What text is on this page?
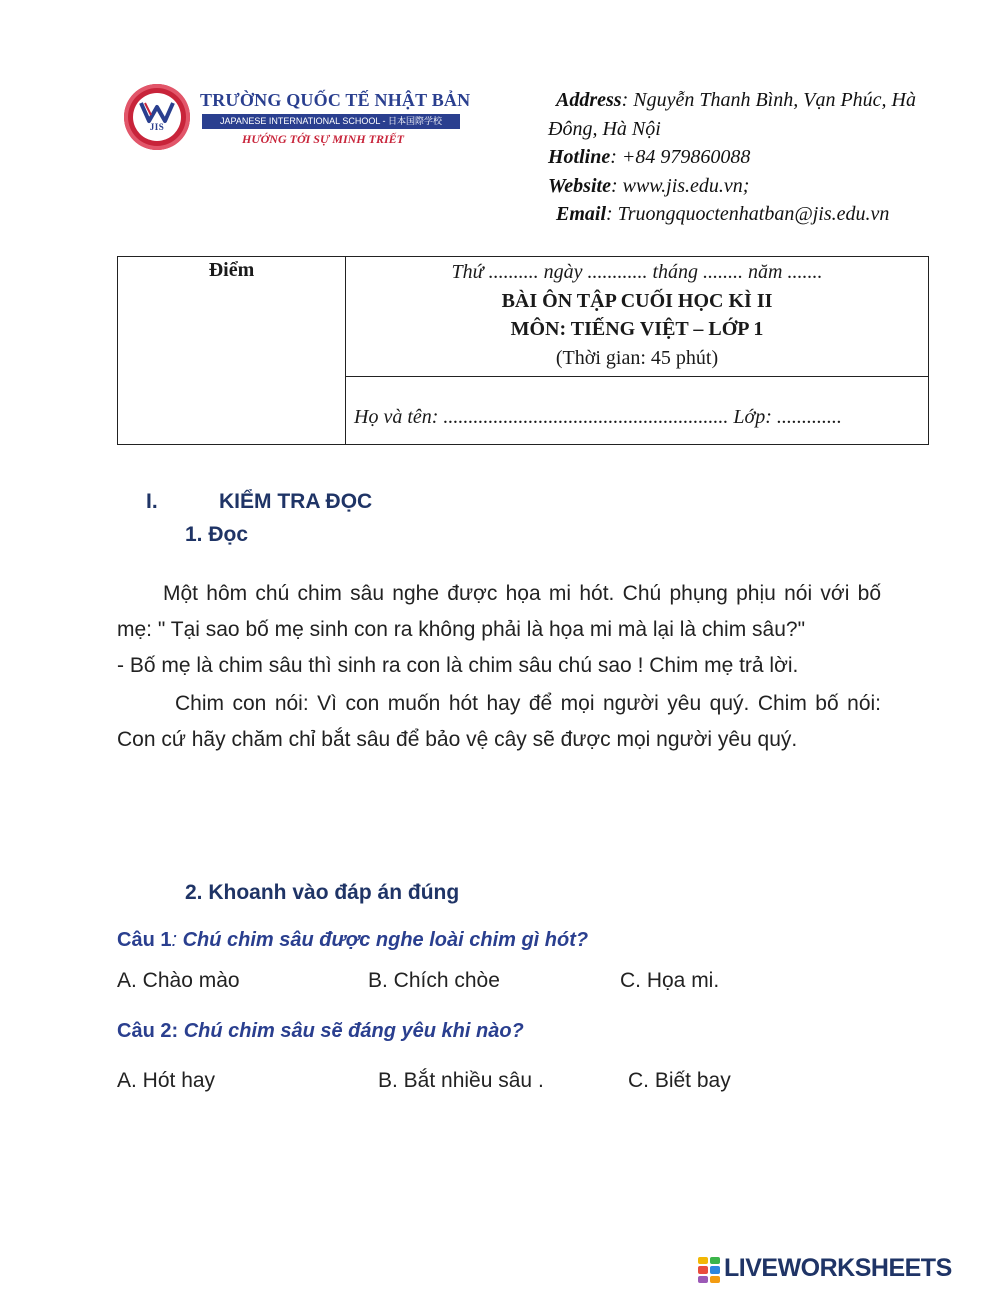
JIS
TRƯỜNG QUỐC TẾ NHẬT BẢN
JAPANESE INTERNATIONAL SCHOOL - 日本国際学校
HƯỚNG TỚI SỰ MINH TRIẾT
Address: Nguyễn Thanh Bình, Vạn Phúc, Hà
Đông, Hà Nội
Hotline: +84 979860088
Website: www.jis.edu.vn;
Email: Truongquoctenhatban@jis.edu.vn
Điểm	Thứ .......... ngày ............ tháng ........ năm .......
BÀI ÔN TẬP CUỐI HỌC KÌ II
MÔN: TIẾNG VIỆT – LỚP 1
(Thời gian: 45 phút)
Họ và tên: ......................................................... Lớp: .............
I.	KIỂM TRA ĐỌC
1. Đọc

Một hôm chú chim sâu nghe được họa mi hót. Chú phụng phịu nói với bố mẹ: " Tại sao bố mẹ sinh con ra không phải là họa mi mà lại là chim sâu?"

- Bố mẹ là chim sâu thì sinh ra con là chim sâu chú sao ! Chim mẹ trả lời.

Chim con nói: Vì con muốn hót hay để mọi người yêu quý. Chim bố nói: Con cứ hãy chăm chỉ bắt sâu để bảo vệ cây sẽ được mọi người yêu quý.

2. Khoanh vào đáp án đúng
Câu 1: Chú chim sâu được nghe loài chim gì hót?
A. Chào mào	B. Chích chòe	C. Họa mi.
Câu 2: Chú chim sâu sẽ đáng yêu khi nào?
A. Hót hay	B. Bắt nhiều sâu .	C. Biết bay
LIVEWORKSHEETS
